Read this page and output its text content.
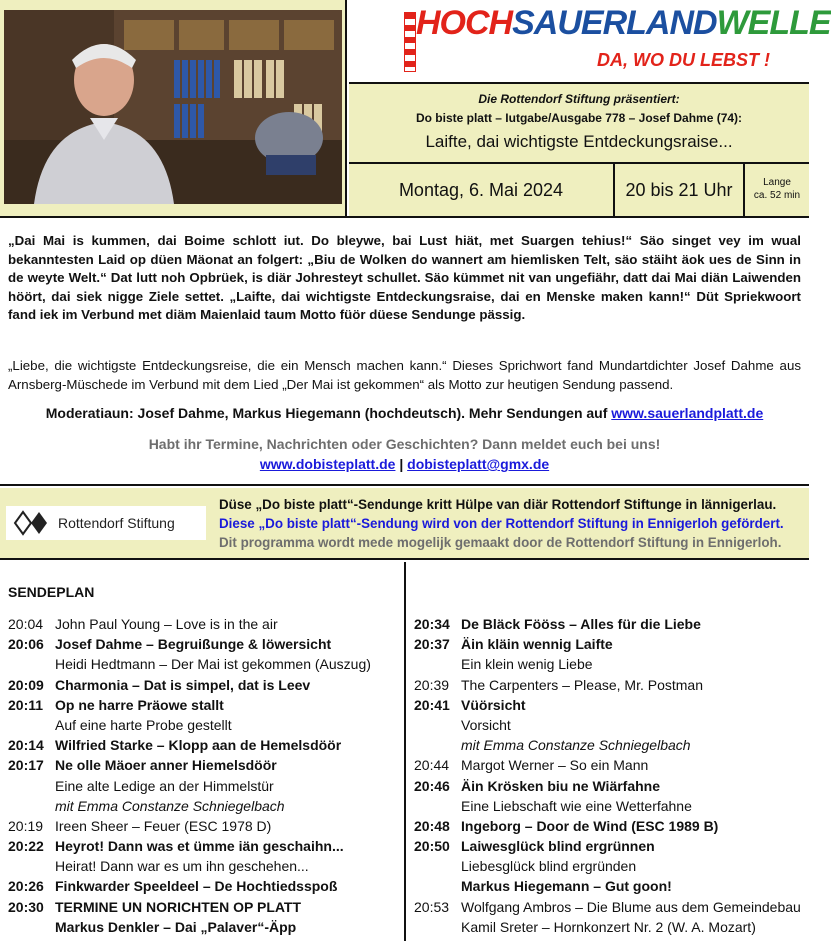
HOCHSAUERLANDWELLE
DA, WO DU LEBST !
Die Rottendorf Stiftung präsentiert:
Do biste platt – Iutgabe/Ausgabe 778 – Josef Dahme (74):
Laifte, dai wichtigste Entdeckungsraise...
Montag, 6. Mai 2024	20 bis 21 Uhr	Lange
ca. 52 min

„Dai Mai is kummen, dai Boime schlott iut. Do bleywe, bai Lust hiät, met Suargen tehius!“ Säo singet vey im wual bekanntesten Laid op düen Mäonat an folgert: „Biu de Wolken do wannert am hiemlisken Telt, säo stäiht äok ues de Sinn in de weyte Welt.“ Dat lutt noh Opbrüek, is diär Johresteyt schullet. Säo kümmet nit van ungefiähr, datt dai Mai diän Laiwenden höört, dai siek nigge Ziele settet. „Laifte, dai wichtigste Entdeckungsraise, dai en Menske maken kann!“ Düt Spriekwoort fand iek im Verbund met diäm Maienlaid taum Motto füör düese Sendunge pässig.

„Liebe, die wichtigste Entdeckungsreise, die ein Mensch machen kann.“ Dieses Sprichwort fand Mundartdichter Josef Dahme aus Arnsberg-Müschede im Verbund mit dem Lied „Der Mai ist gekommen“ als Motto zur heutigen Sendung passend.

Moderatiaun: Josef Dahme, Markus Hiegemann (hochdeutsch). Mehr Sendungen auf www.sauerlandplatt.de
Habt ihr Termine, Nachrichten oder Geschichten? Dann meldet euch bei uns!
www.dobisteplatt.de | dobisteplatt@gmx.de
Rottendorf Stiftung
Düse „Do biste platt“-Sendunge kritt Hülpe van diär Rottendorf Stiftunge in lännigerlau.
Diese „Do biste platt“-Sendung wird von der Rottendorf Stiftung in Ennigerloh gefördert.
Dit programma wordt mede mogelijk gemaakt door de Rottendorf Stiftung in Ennigerloh.
SENDEPLAN
20:04 John Paul Young – Love is in the air
20:06 Josef Dahme – Begruißunge & löwersicht
Heidi Hedtmann – Der Mai ist gekommen (Auszug)
20:09 Charmonia – Dat is simpel, dat is Leev
20:11 Op ne harre Präowe stallt
Auf eine harte Probe gestellt
20:14 Wilfried Starke – Klopp aan de Hemelsdöör
20:17 Ne olle Mäoer anner Hiemelsdöör
Eine alte Ledige an der Himmelstür
mit Emma Constanze Schniegelbach
20:19 Ireen Sheer – Feuer (ESC 1978 D)
20:22 Heyrot! Dann was et ümme iän geschaihn...
Heirat! Dann war es um ihn geschehen...
20:26 Finkwarder Speeldeel – De Hochtiedsspoß
20:30 TERMINE UN NORICHTEN OP PLATT
Markus Denkler – Dai „Palaver“-Äpp
20:34 De Bläck Fööss – Alles für die Liebe
20:37 Äin kläin wennig Laifte
Ein klein wenig Liebe
20:39 The Carpenters – Please, Mr. Postman
20:41 Vüörsicht
Vorsicht
mit Emma Constanze Schniegelbach
20:44 Margot Werner – So ein Mann
20:46 Äin Krösken biu ne Wiärfahne
Eine Liebschaft wie eine Wetterfahne
20:48 Ingeborg – Door de Wind (ESC 1989 B)
20:50 Laiwesglück blind ergrünnen
Liebesglück blind ergründen
Markus Hiegemann – Gut goon!
20:53 Wolfgang Ambros – Die Blume aus dem Gemeindebau
Kamil Sreter – Hornkonzert Nr. 2 (W. A. Mozart)
